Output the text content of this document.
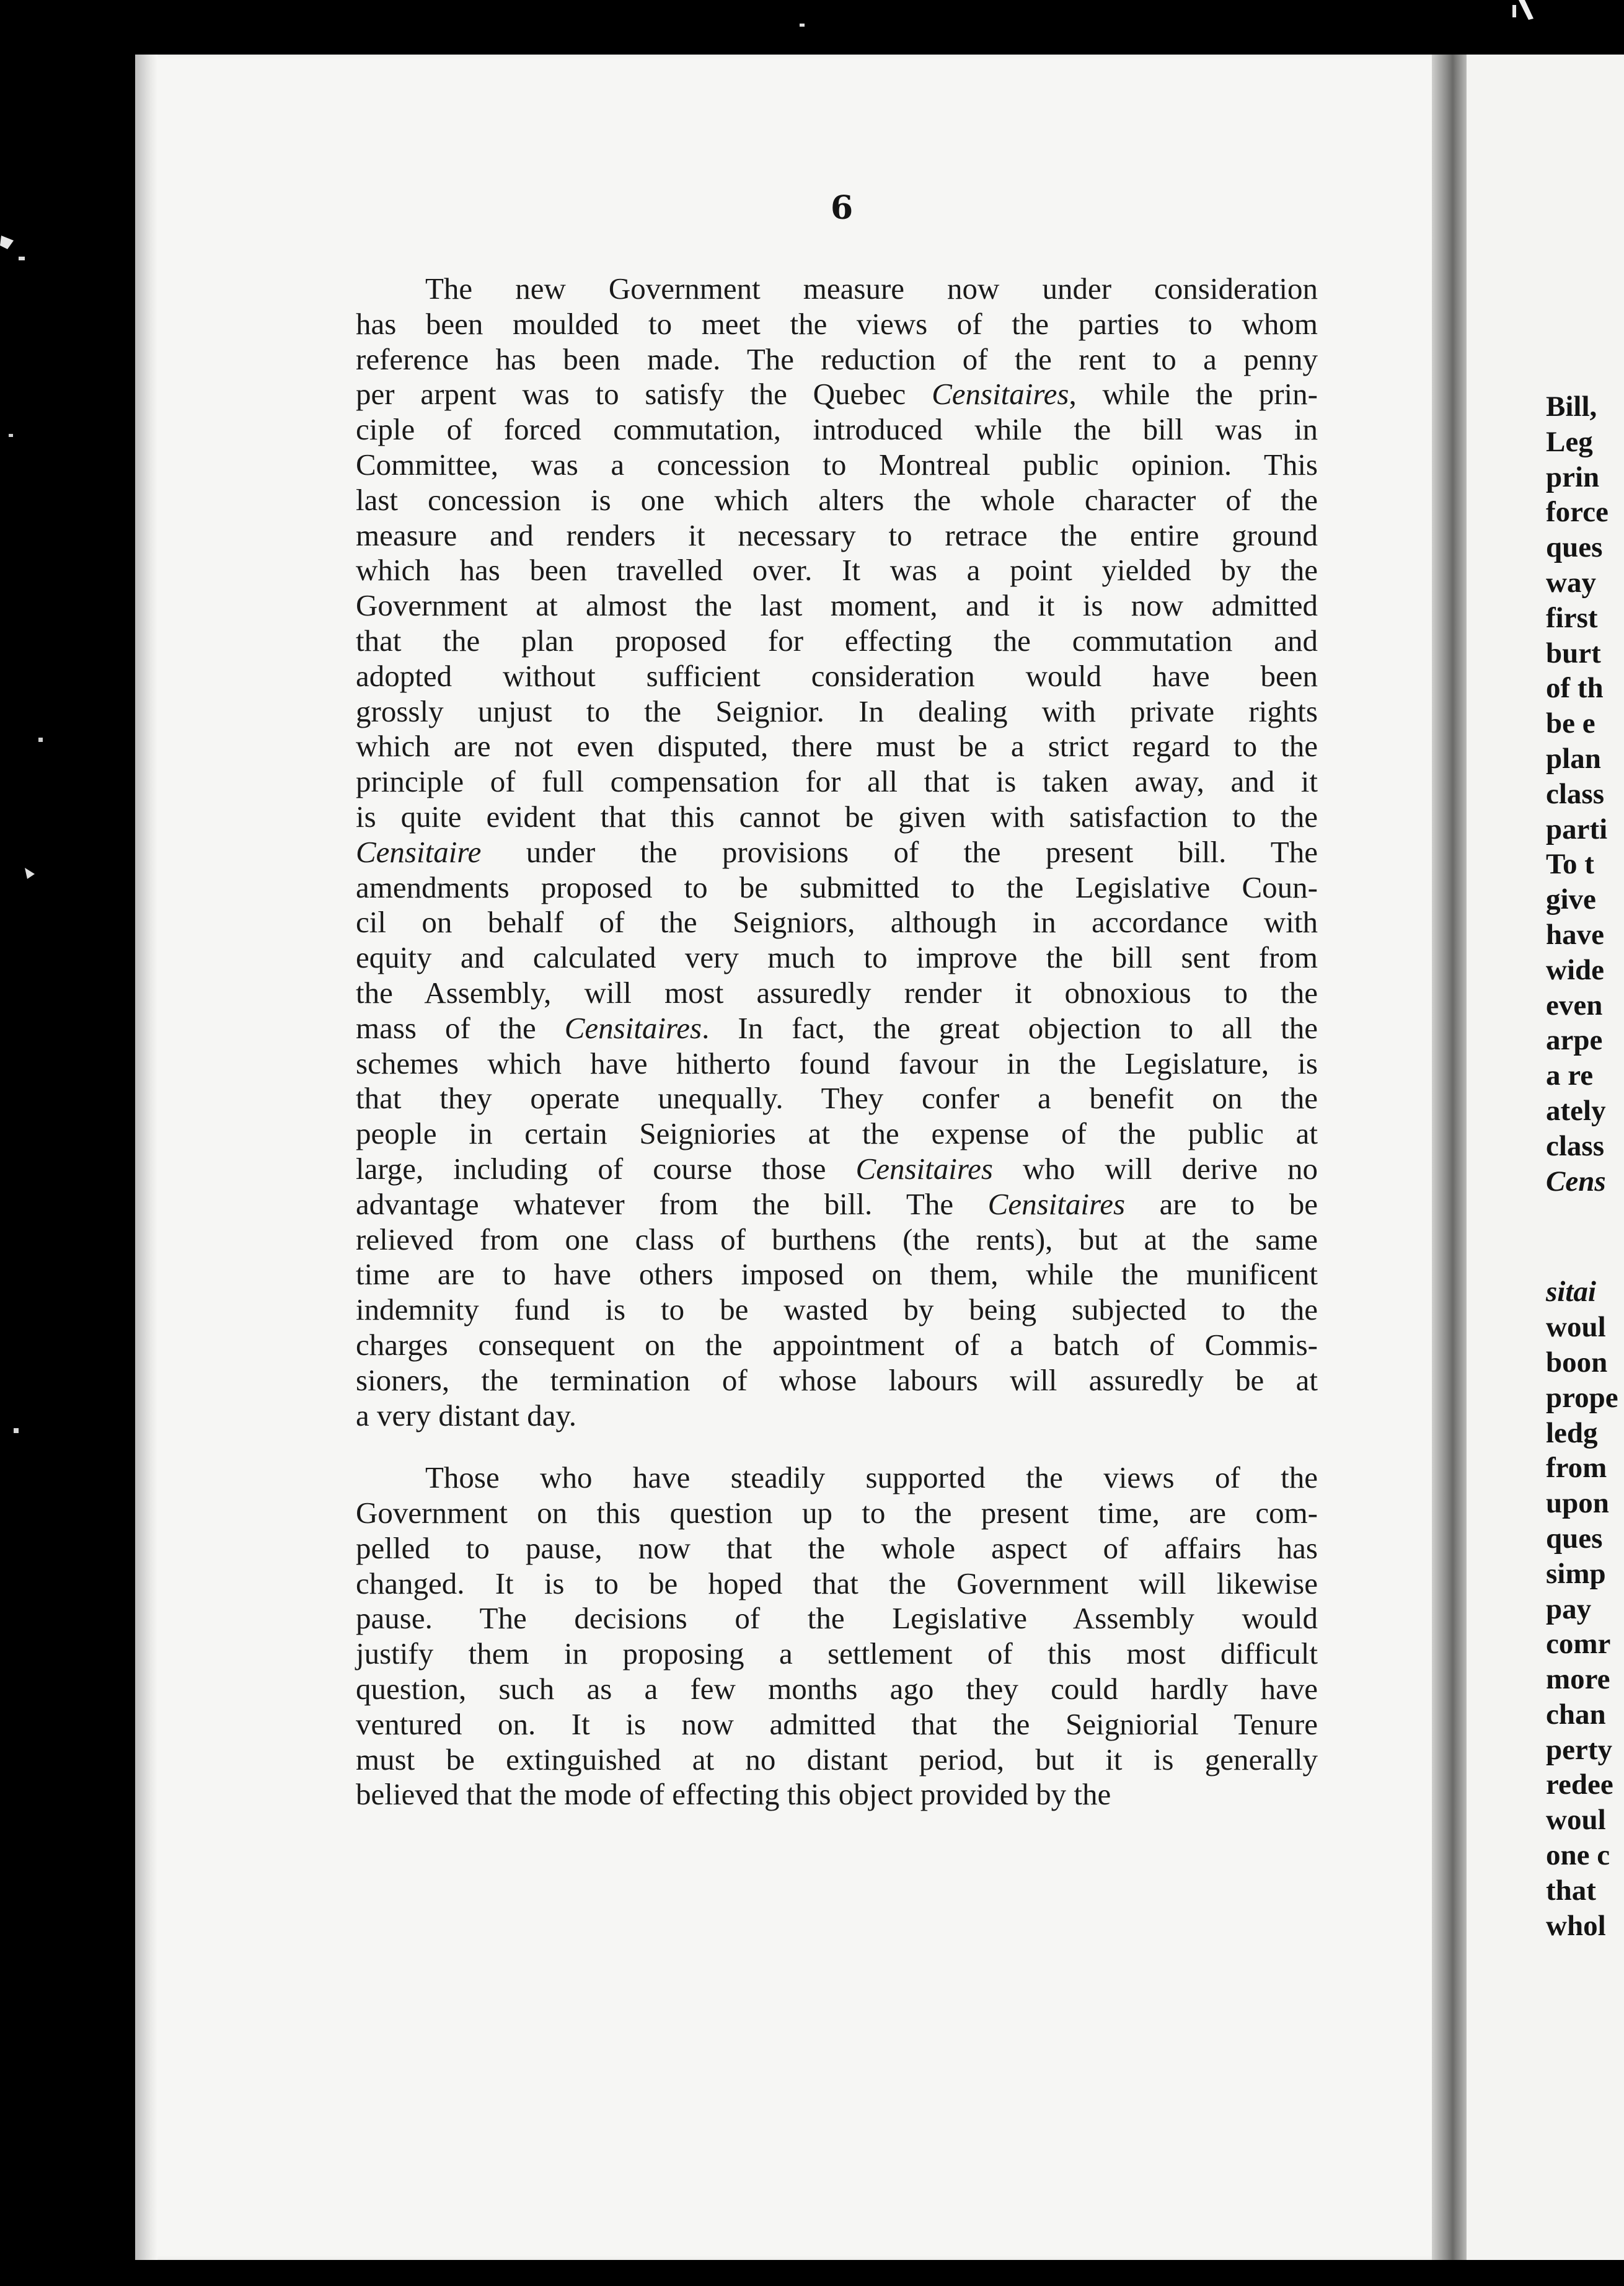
Bill,
Leg
prin
force
ques
way
first
burt
of th
be e
plan
class
parti
To t
give
have
wide
even
arpe
a re
ately
class
Cens
sitai
woul
boon
prope
ledg
from
upon
ques
simp
pay
comr
more
chan
perty
redee
woul
one c
that
whol
6
The new Government measure now under consideration
has been moulded to meet the views of the parties to whom
reference has been made. The reduction of the rent to a penny
per arpent was to satisfy the Quebec Censitaires, while the prin-
ciple of forced commutation, introduced while the bill was in
Committee, was a concession to Montreal public opinion. This
last concession is one which alters the whole character of the
measure and renders it necessary to retrace the entire ground
which has been travelled over. It was a point yielded by the
Government at almost the last moment, and it is now admitted
that the plan proposed for effecting the commutation and
adopted without sufficient consideration would have been
grossly unjust to the Seignior. In dealing with private rights
which are not even disputed, there must be a strict regard to the
principle of full compensation for all that is taken away, and it
is quite evident that this cannot be given with satisfaction to the
Censitaire under the provisions of the present bill. The
amendments proposed to be submitted to the Legislative Coun-
cil on behalf of the Seigniors, although in accordance with
equity and calculated very much to improve the bill sent from
the Assembly, will most assuredly render it obnoxious to the
mass of the Censitaires. In fact, the great objection to all the
schemes which have hitherto found favour in the Legislature, is
that they operate unequally. They confer a benefit on the
people in certain Seigniories at the expense of the public at
large, including of course those Censitaires who will derive no
advantage whatever from the bill. The Censitaires are to be
relieved from one class of burthens (the rents), but at the same
time are to have others imposed on them, while the munificent
indemnity fund is to be wasted by being subjected to the
charges consequent on the appointment of a batch of Commis-
sioners, the termination of whose labours will assuredly be at
a very distant day.
Those who have steadily supported the views of the
Government on this question up to the present time, are com-
pelled to pause, now that the whole aspect of affairs has
changed. It is to be hoped that the Government will likewise
pause. The decisions of the Legislative Assembly would
justify them in proposing a settlement of this most difficult
question, such as a few months ago they could hardly have
ventured on. It is now admitted that the Seigniorial Tenure
must be extinguished at no distant period, but it is generally
believed that the mode of effecting this object provided by the
